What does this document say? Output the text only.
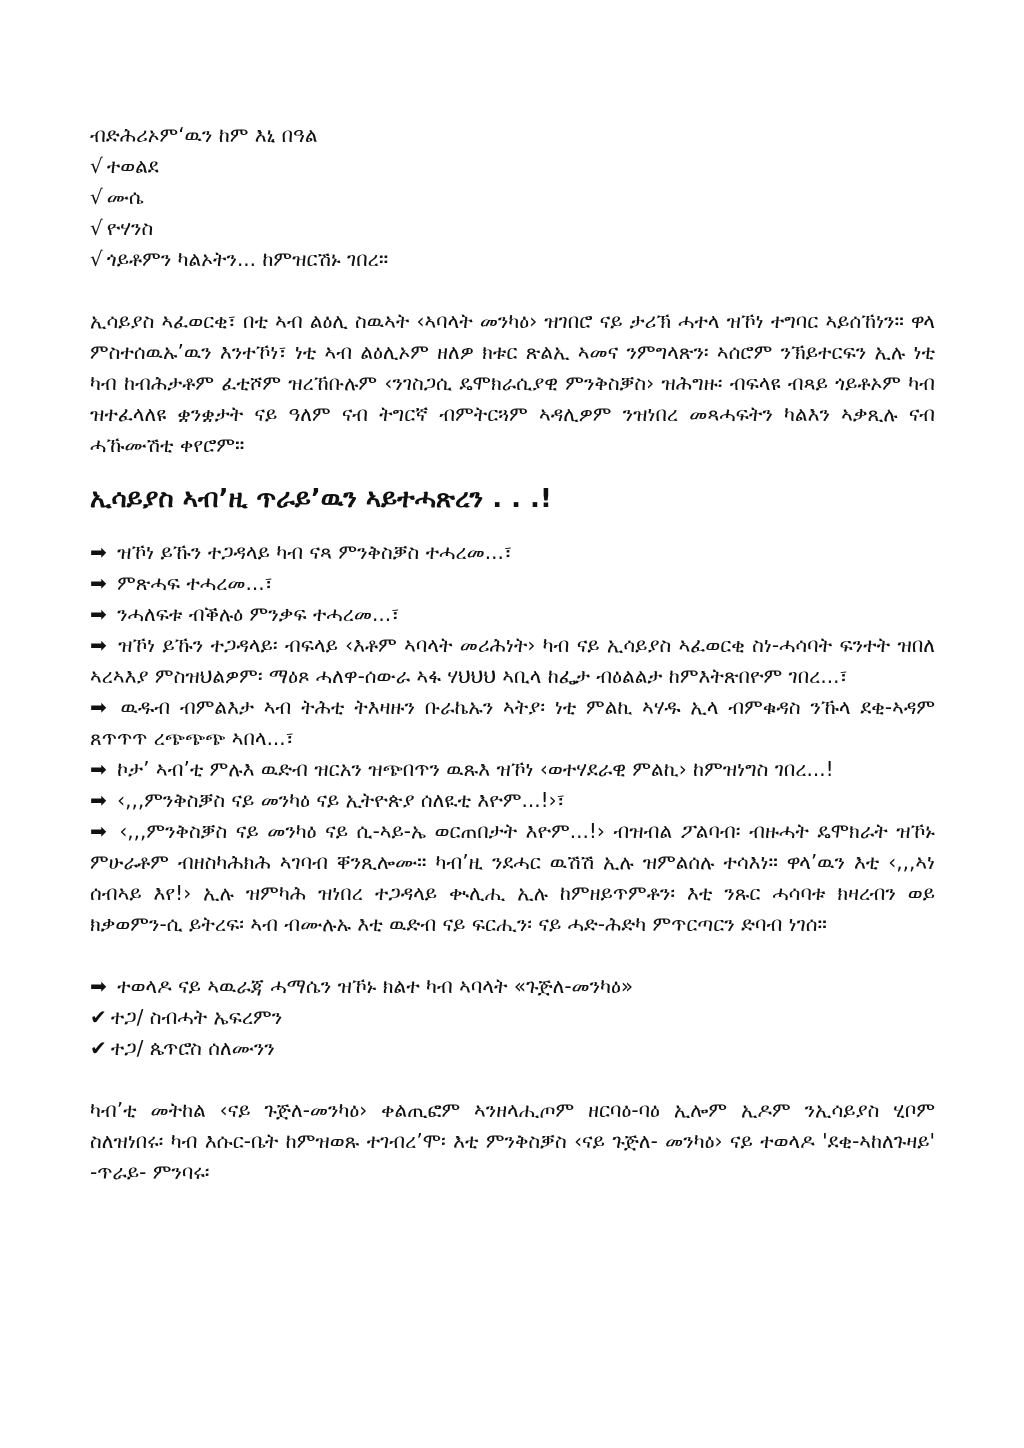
ብድሕሪኦም‘ዉን ከም እኒ በዓል
√ ተወልደ
√ ሙሴ
√ ዮሃንስ
√ ጎይቶምን ካልኦትን... ከምዝርሽኑ ገበረ።

ኢሳይያስ ኣፈወርቂ፣ በቲ ኣብ ልዕሊ ስዉኣት ‹ኣባላት መንካዕ› ዝገበሮ ናይ ታሪኽ ሓተላ ዝኾነ ተግባር ኣይሰኸነን። ዋላ ምስተሰዉኡ’ዉን እንተኾነ፣ ነቲ ኣብ ልዕሊኦም ዘለዎ ክቱር ጽልኢ ኣመና ንምግላጽን፡ ኣሰሮም ንኽይተርፍን ኢሉ ነቲ ካብ ከብሕታቶም ፈቲሾም ዝረኸቡሉም ‹ንገስጋሲ ዴሞክራሲያዊ ምንቅስቓስ› ዝሕግዙ፡ ብፍላዩ ብጻይ ጎይቶኦም ካብ ዝተፈላለዩ ቋንቋታት ናይ ዓለም ናብ ትግርኛ ብምትርጓም ኣዳሊዎም ንዝነበረ መጻሓፍትን ካልእን ኣቃጺሉ ናብ ሓኹሙሽቲ ቀየሮም።

ኢሳይያስ ኣብ’ዚ ጥራይ’ዉን ኣይተሓጽረን . . .!

➡ ዝኾነ ይኹን ተጋዳላይ ካብ ናጻ ምንቅስቓስ ተሓረመ...፣

➡ ምጽሓፍ ተሓረመ...፣

➡ ንሓለፍቱ ብቕሉዕ ምንቃፍ ተሓረመ...፣

➡ ዝኾነ ይኹን ተጋዳላይ፡ ብፍላይ ‹እቶም ኣባላት መሪሕነት› ካብ ናይ ኢሳይያስ ኣፈወርቂ ስነ-ሓሳባት ፍንተት ዝበለ ኣረኣእያ ምስዝህልዎም፡ ማዕጾ ሓለዋ-ሰውራ ኣፋ ሃህህህ ኣቢላ ከፌታ ብዕልልታ ከምእትጽበዮም ገበረ...፣

➡ ዉዱብ ብምልእታ ኣብ ትሕቲ ትእዛዙን ቡራኬኡን ኣትያ፡ ነቲ ምልኪ ኣሃዱ ኢላ ብምቁዳስ ንኹላ ደቂ-ኣዳም ጸጥጥጥ ረጭጭጭ ኣበላ...፣

➡ ኮታ’ ኣብ’ቲ ምሉእ ዉድብ ዝርአን ዝጭበጥን ዉጹእ ዝኾነ ‹ወተሃደራዊ ምልኪ› ከምዝነግስ ገበረ...!

➡ ‹,,,ምንቅስቓስ ናይ መንካዕ ናይ ኢትዮጵያ ሰለዪቲ እዮም...!›፣

➡ ‹,,,ምንቅስቓስ ናይ መንካዕ ናይ ሲ-ኣይ-ኤ ወርጠበታት እዮም...!› ብዝብል ፖልባብ፡ ብዙሓት ዴሞክራት ዝኾኑ ምሁራቶም ብዘስካሕክሕ ኣገባብ ቐንጺሎሙ። ካብ’ዚ ንደሓር ዉሽሽ ኢሉ ዝምልሰሉ ተሳእነ። ዋላ’ዉን እቲ ‹,,,ኣነ ሰብኣይ እየ!› ኢሉ ዝምካሕ ዝነበረ ተጋዳላይ ቊሊሒ ኢሉ ከምዘይጥምቶን፡ እቲ ንጹር ሓሳባቱ ክዛረብን ወይ ክቃወምን-ሲ ይትረፍ፡ ኣብ ብሙሉኡ እቲ ዉድብ ናይ ፍርሒን፡ ናይ ሓድ-ሕድካ ምጥርጣርን ድባብ ነገሰ።

➡ ተወላዶ ናይ ኣዉራጃ ሓማሴን ዝኾኑ ክልተ ካብ ኣባላት «ጉጅለ-መንካዕ»

✔ ተጋ/ ስብሓት ኤፍረምን
✔ ተጋ/ ጴጥሮስ ሰለሙንን

ካብ’ቲ መትከል ‹ናይ ጉጅለ-መንካዕ› ቀልጢፎም ኣንዘላሒጦም ዘርባዕ-ባዕ ኢሎም ኢዶም ንኢሳይያስ ሂቦም ስለዝነበሩ፡ ካብ እሱር-ቤት ከምዝወጹ ተገብረ’ሞ፡ እቲ ምንቅስቓስ ‹ናይ ጉጅለ- መንካዕ› ናይ ተወላዶ 'ደቂ-ኣከለጉዛይ' -ጥራይ- ምንባሩ፡
